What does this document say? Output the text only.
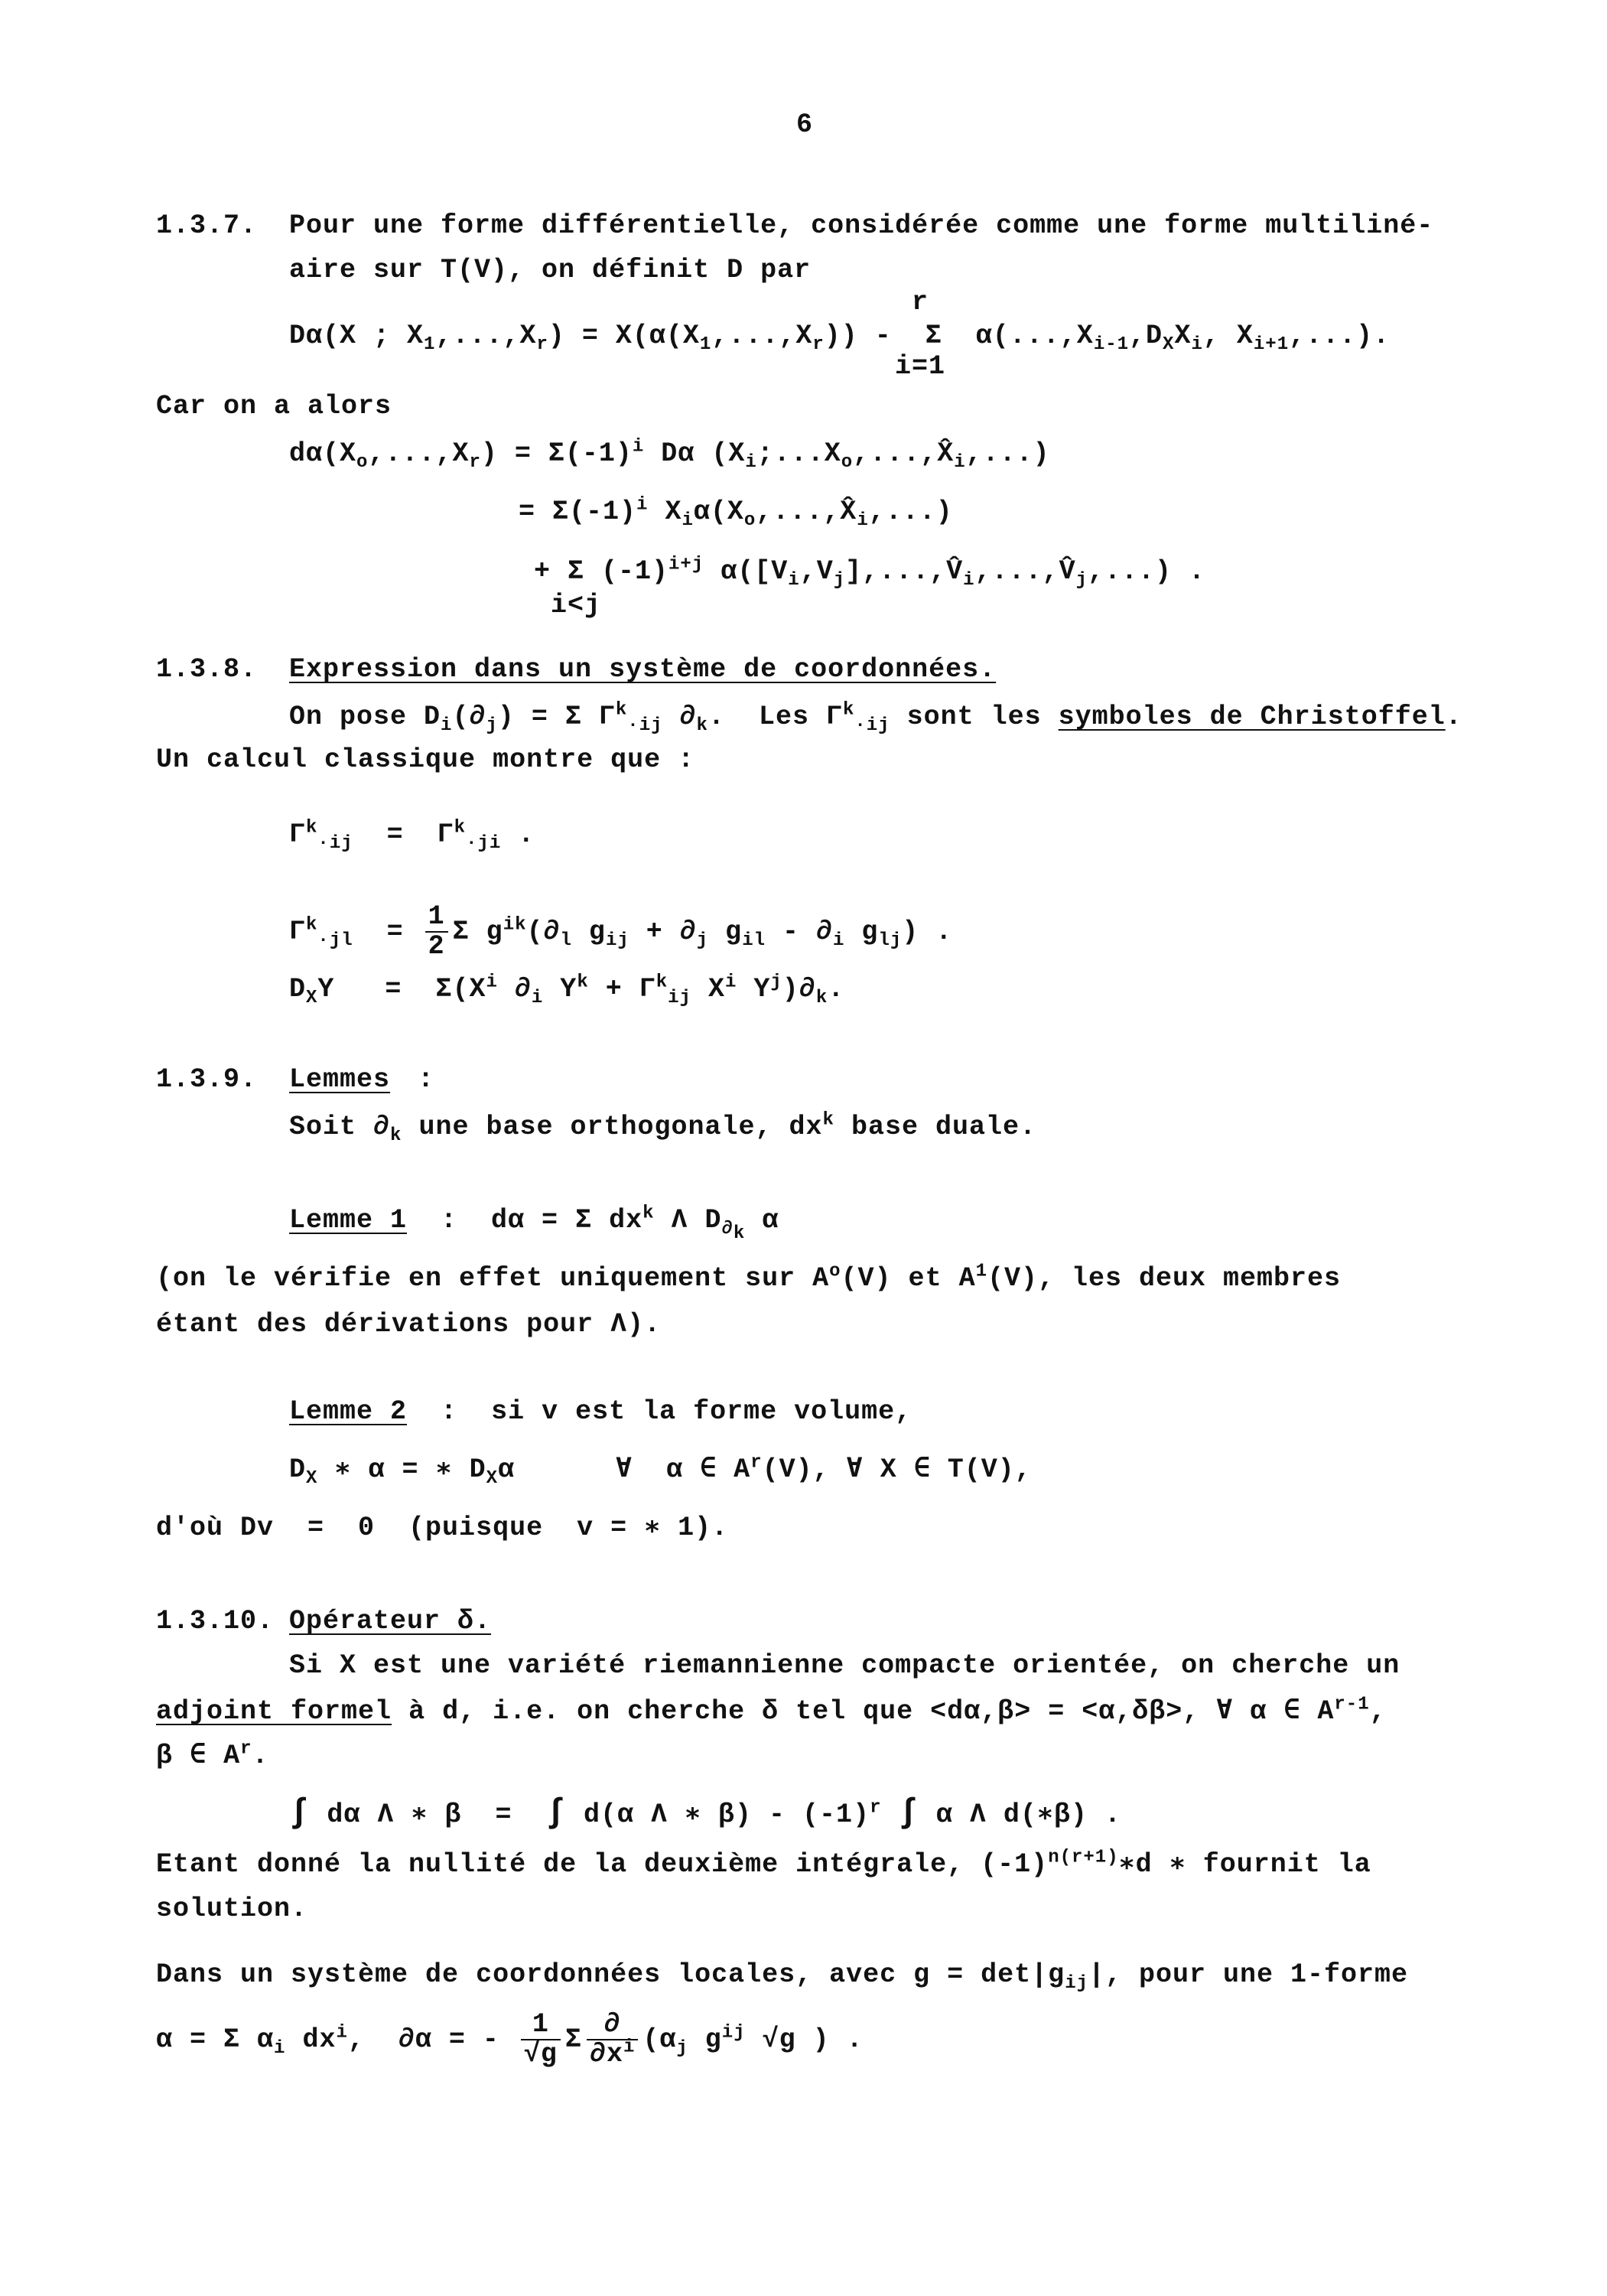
6
1.3.7. Pour une forme différentielle, considérée comme une forme multiliné-
aire sur T(V), on définit D par
r
Dα(X ; $X_1,...,X_r) = X(\alpha(X_1,...,X_r)) - \Sigma$  $\alpha(...,X_{i-1},D_XX_i$, $X_{i+1}$,...).
i=1
Car on a alors
$d\alpha(X_o,...,X_r) = \Sigma(-1)^i$ Dα $(X_i;...X_o,...,X̂_i,...)$
= $\Sigma(-1)^i$ $X_i\alpha(X_o,...,X̂_i,...)$
+ Σ $(-1)^{i+j}$ $\alpha([V_i,V_j],...,V̂_i,...,V̂_j,...)$ .
i<j
1.3.8. Expression dans un système de coordonnées.
On pose $D_i(\partial_j) = \Sigma$ $\Gamma^k_{\cdot ij}$ $\partial_k$.  Les $\Gamma^k_{\cdot ij}$ sont les symboles de Christoffel.
Un calcul classique montre que :
$\Gamma^k_{\cdot ij} = \Gamma^k_{\cdot ji}$ .
$\Gamma^k_{\cdot jl} = \frac{1}{2}$ Σ $g^{ik}(\partial_l$ $g_{ij} + \partial_j$ $g_{il} - \partial_i$ $g_{lj}$) .
$D_XY = \Sigma(X^i$ $\partial_i$ $Y^k + \Gamma^k_{ij}$ $X^i$ $Y^j)\partial_k$.
1.3.9. Lemmes :
Soit $\partial_k$ une base orthogonale, $dx^k$ base duale.
Lemme 1  :  dα = Σ $dx^k$ Λ $D_{\partial_k}$ α
(on le vérifie en effet uniquement sur $A^o(V)$ et $A^1(V)$, les deux membres
étant des dérivations pour Λ).
Lemme 2  :  si v est la forme volume,
$D_X$ ∗ α = ∗ $D_X\alpha$      ∀  α ∈ $A^r(V)$, ∀ X ∈ T(V),
d'où Dv  =  0  (puisque  v = ∗ 1).
1.3.10. Opérateur δ.
Si X est une variété riemannienne compacte orientée, on cherche un
adjoint formel à d, i.e. on cherche δ tel que <dα,β> = <α,δβ>, ∀ α ∈ $A^{r-1}$,
β ∈ $A^r$.
∫ dα Λ ∗ β  =  ∫ d(α Λ ∗ $\beta) - (-1)^r$ ∫ α Λ d(∗β) .
Etant donné la nullité de la deuxième intégrale, $(-1)^{n(r+1)}∗d$ ∗ fournit la
solution.
Dans un système de coordonnées locales, avec $g = \det|g_{ij}|$, pour une 1-forme
α = Σ $\alpha_i$ $dx^i$,  ∂α = - $\frac{1}{√g}$ Σ $\frac{\partial}{\partial x^i} (\alpha_j$ $g^{ij}$ √g ) .
